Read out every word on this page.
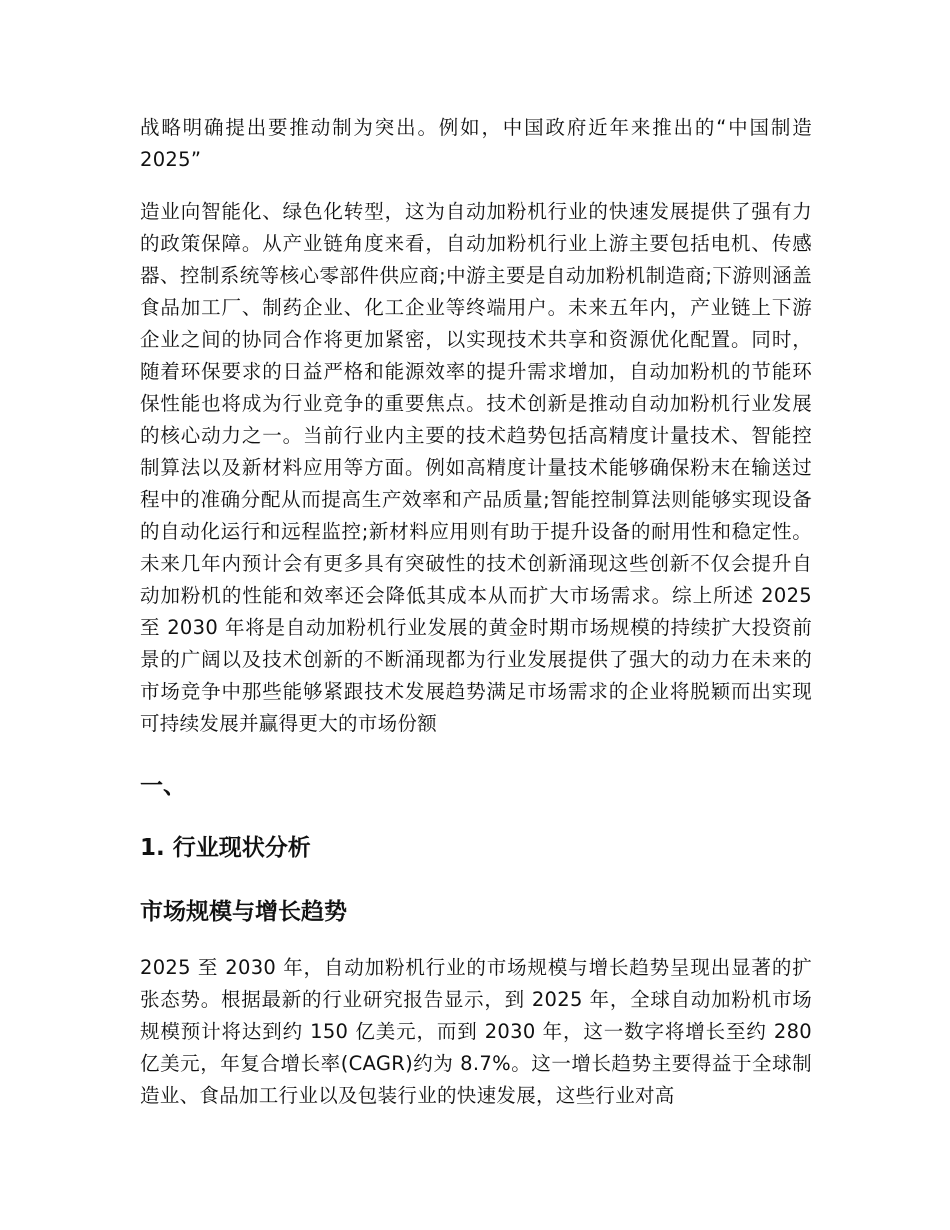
战略明确提出要推动制为突出。例如，中国政府近年来推出的“中国制造2025”

造业向智能化、绿色化转型，这为自动加粉机行业的快速发展提供了强有力的政策保障。从产业链角度来看，自动加粉机行业上游主要包括电机、传感器、控制系统等核心零部件供应商;中游主要是自动加粉机制造商;下游则涵盖食品加工厂、制药企业、化工企业等终端用户。未来五年内，产业链上下游企业之间的协同合作将更加紧密，以实现技术共享和资源优化配置。同时，随着环保要求的日益严格和能源效率的提升需求增加，自动加粉机的节能环保性能也将成为行业竞争的重要焦点。技术创新是推动自动加粉机行业发展的核心动力之一。当前行业内主要的技术趋势包括高精度计量技术、智能控制算法以及新材料应用等方面。例如高精度计量技术能够确保粉末在输送过程中的准确分配从而提高生产效率和产品质量;智能控制算法则能够实现设备的自动化运行和远程监控;新材料应用则有助于提升设备的耐用性和稳定性。未来几年内预计会有更多具有突破性的技术创新涌现这些创新不仅会提升自动加粉机的性能和效率还会降低其成本从而扩大市场需求。综上所述 2025 至 2030 年将是自动加粉机行业发展的黄金时期市场规模的持续扩大投资前景的广阔以及技术创新的不断涌现都为行业发展提供了强大的动力在未来的市场竞争中那些能够紧跟技术发展趋势满足市场需求的企业将脱颖而出实现可持续发展并赢得更大的市场份额

一、
1. 行业现状分析
市场规模与增长趋势

2025 至 2030 年，自动加粉机行业的市场规模与增长趋势呈现出显著的扩张态势。根据最新的行业研究报告显示，到 2025 年，全球自动加粉机市场规模预计将达到约 150 亿美元，而到 2030 年，这一数字将增长至约 280 亿美元，年复合增长率(CAGR)约为 8.7%。这一增长趋势主要得益于全球制造业、食品加工行业以及包装行业的快速发展，这些行业对高
